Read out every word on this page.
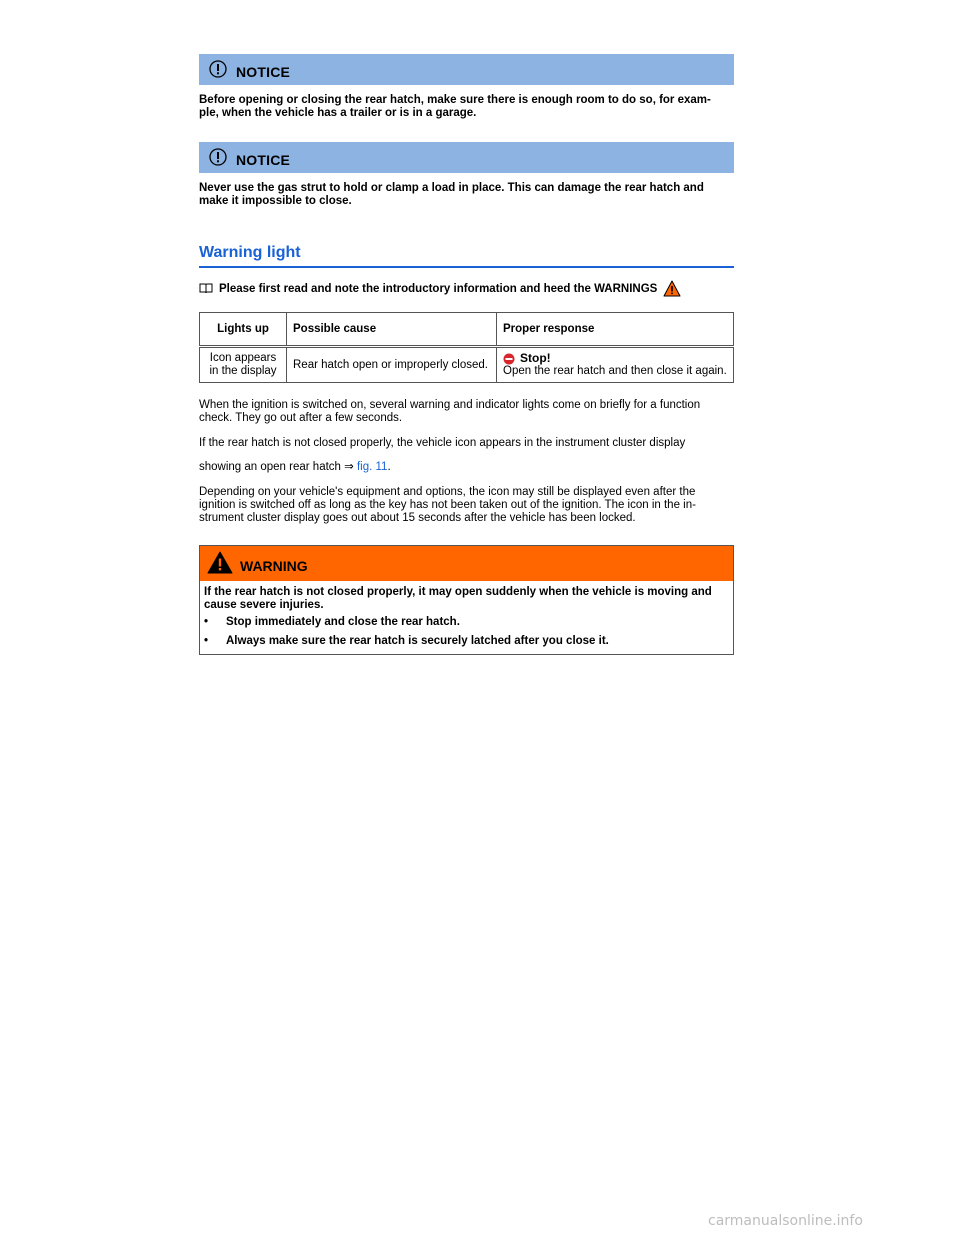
NOTICE

Before opening or closing the rear hatch, make sure there is enough room to do so, for exam-ple, when the vehicle has a trailer or is in a garage.

NOTICE

Never use the gas strut to hold or clamp a load in place. This can damage the rear hatch and make it impossible to close.

Warning light
Please first read and note the introductory information and heed the WARNINGS
Lights up	Possible cause	Proper response
Icon appears in the display	Rear hatch open or improperly closed.	Stop!
Open the rear hatch and then close it again.

When the ignition is switched on, several warning and indicator lights come on briefly for a function check. They go out after a few seconds.

If the rear hatch is not closed properly, the vehicle icon appears in the instrument cluster display

showing an open rear hatch ⇒ fig. 11.

Depending on your vehicle's equipment and options, the icon may still be displayed even after the ignition is switched off as long as the key has not been taken out of the ignition. The icon in the in-strument cluster display goes out about 15 seconds after the vehicle has been locked.

WARNING
If the rear hatch is not closed properly, it may open suddenly when the vehicle is moving and cause severe injuries.
•	Stop immediately and close the rear hatch.
•	Always make sure the rear hatch is securely latched after you close it.
carmanualsonline.info
